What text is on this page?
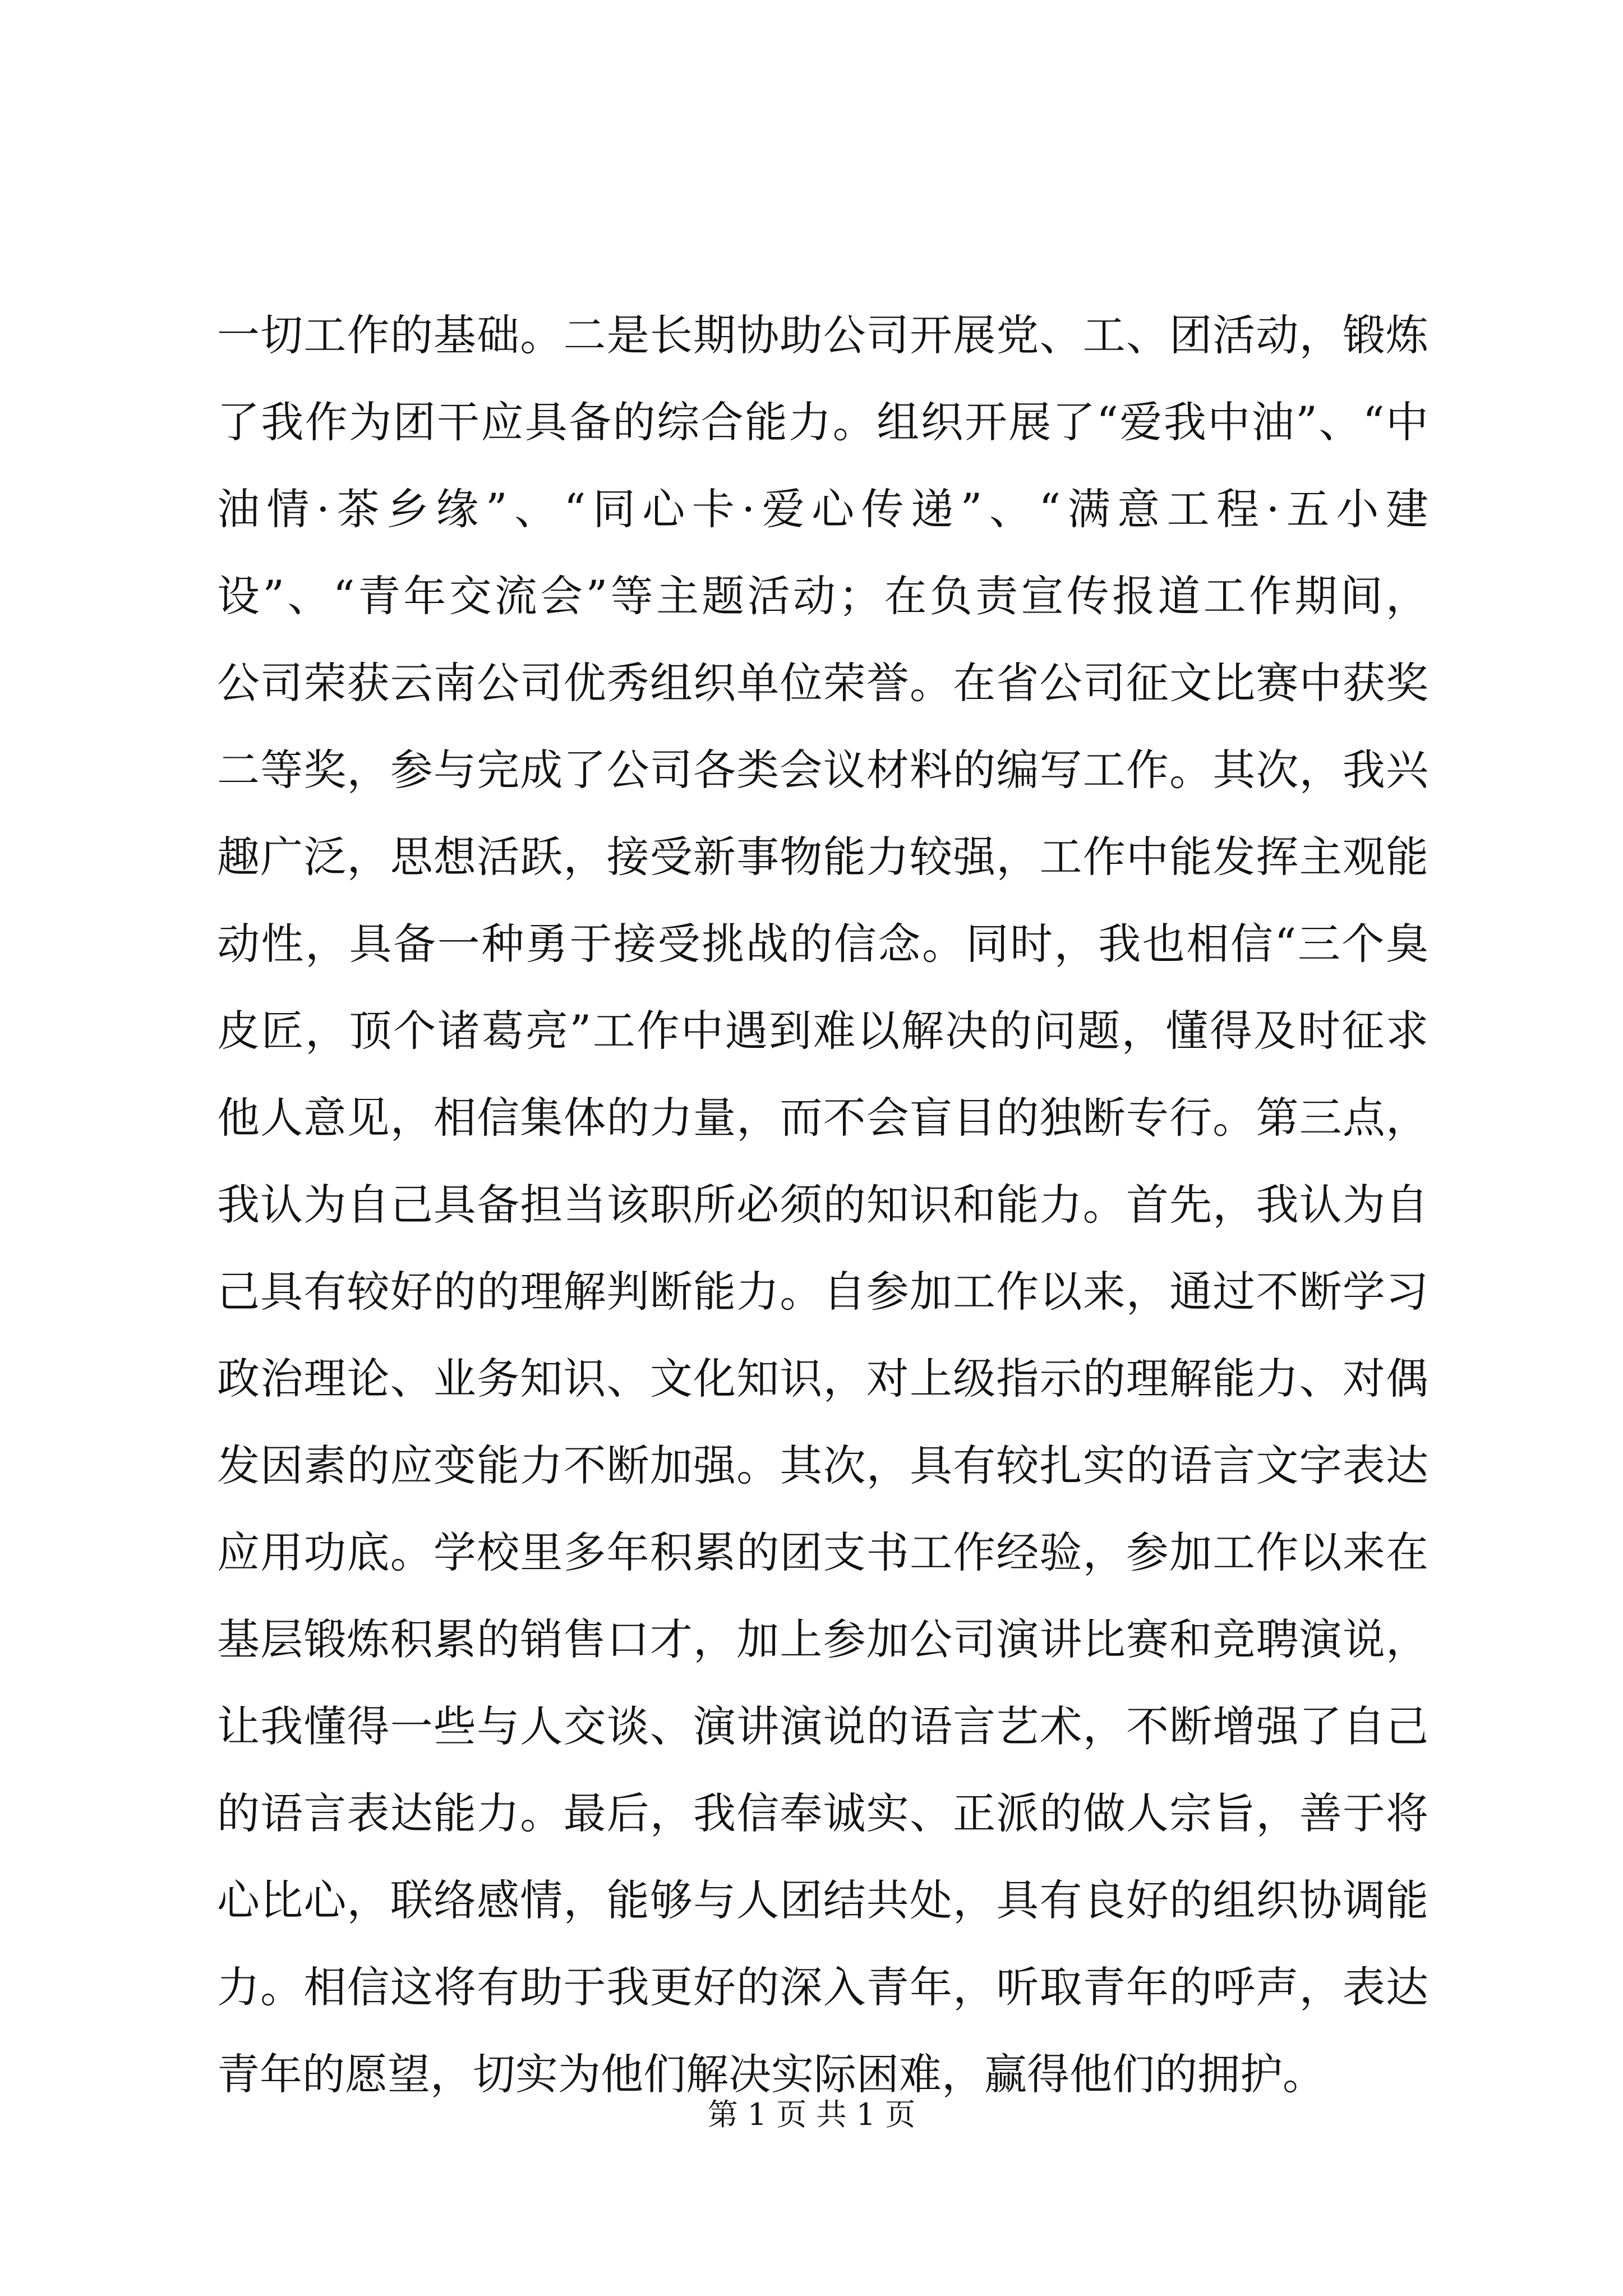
一切工作的基础。二是长期协助公司开展党、工、团活动，锻炼
了我作为团干应具备的综合能力。组织开展了“爱我中油”、“中
油情·茶乡缘”、“同心卡·爱心传递”、“满意工程·五小建
设”、“青年交流会”等主题活动；在负责宣传报道工作期间，
公司荣获云南公司优秀组织单位荣誉。在省公司征文比赛中获奖
二等奖，参与完成了公司各类会议材料的编写工作。其次，我兴
趣广泛，思想活跃，接受新事物能力较强，工作中能发挥主观能
动性，具备一种勇于接受挑战的信念。同时，我也相信“三个臭
皮匠，顶个诸葛亮”工作中遇到难以解决的问题，懂得及时征求
他人意见，相信集体的力量，而不会盲目的独断专行。第三点，
我认为自己具备担当该职所必须的知识和能力。首先，我认为自
己具有较好的的理解判断能力。自参加工作以来，通过不断学习
政治理论、业务知识、文化知识，对上级指示的理解能力、对偶
发因素的应变能力不断加强。其次，具有较扎实的语言文字表达
应用功底。学校里多年积累的团支书工作经验，参加工作以来在
基层锻炼积累的销售口才，加上参加公司演讲比赛和竞聘演说，
让我懂得一些与人交谈、演讲演说的语言艺术，不断增强了自己
的语言表达能力。最后，我信奉诚实、正派的做人宗旨，善于将
心比心，联络感情，能够与人团结共处，具有良好的组织协调能
力。相信这将有助于我更好的深入青年，听取青年的呼声，表达
青年的愿望，切实为他们解决实际困难，赢得他们的拥护。
第 1 页 共 1 页
